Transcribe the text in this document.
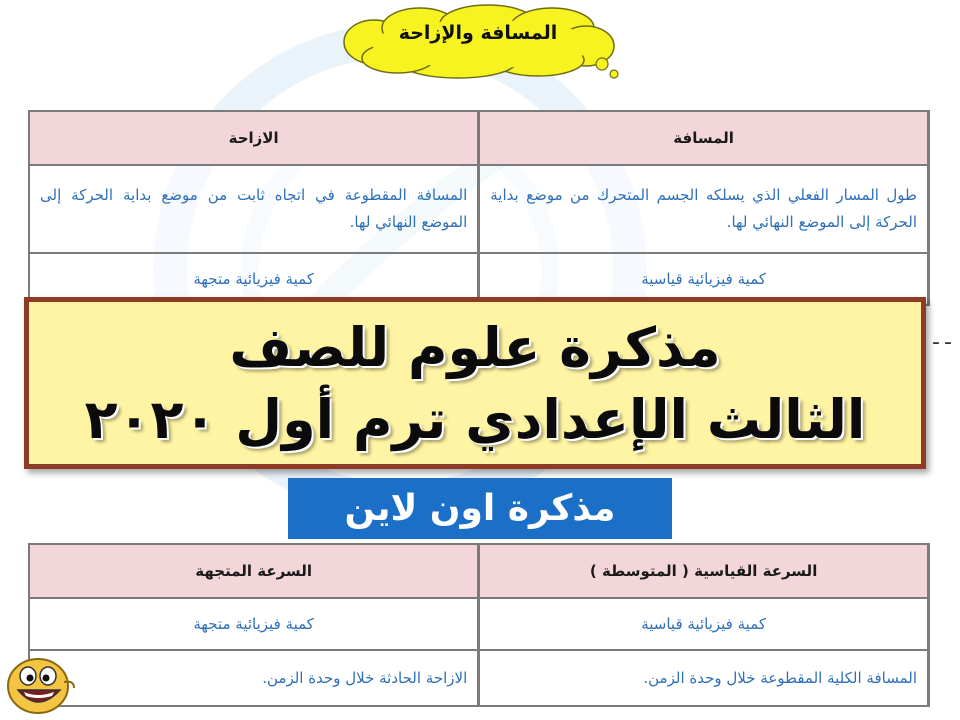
المسافة والإزاحة
المسافة	الازاحة
طول المسار الفعلي الذي يسلكه الجسم المتحرك من موضع بداية الحركة إلى الموضع النهائي لها.	المسافة المقطوعة في اتجاه ثابت من موضع بداية الحركة إلى الموضع النهائي لها.
كمية فيزيائية قياسية	كمية فيزيائية متجهة
- -
مذكرة علوم للصف
الثالث الإعدادي ترم أول ٢٠٢٠
مذكرة اون لاين
السرعة القياسية ( المتوسطة )	السرعة المتجهة
كمية فيزيائية قياسية	كمية فيزيائية متجهة
المسافة الكلية المقطوعة خلال وحدة الزمن.	الازاحة الحادثة خلال وحدة الزمن.
